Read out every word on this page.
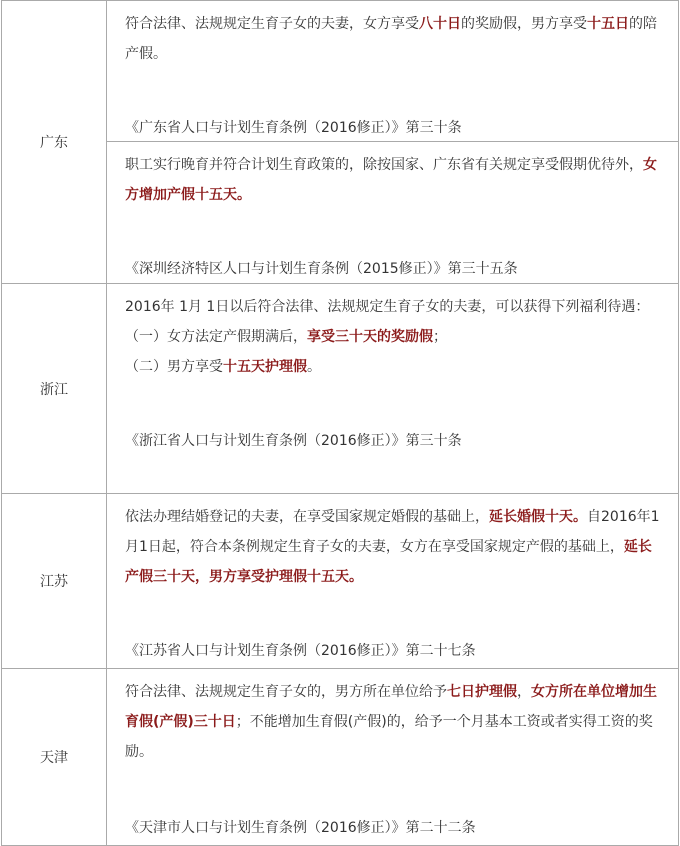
广东	符合法律、法规规定生育子女的夫妻，女方享受八十日的奖励假，男方享受十五日的陪产假。

《广东省人口与计划生育条例（2016修正）》第三十条

	职工实行晚育并符合计划生育政策的，除按国家、广东省有关规定享受假期优待外，女方增加产假十五天。

《深圳经济特区人口与计划生育条例（2015修正）》第三十五条

浙江	2016年 1月 1日以后符合法律、法规规定生育子女的夫妻，可以获得下列福利待遇：

（一）女方法定产假期满后，享受三十天的奖励假；

（二）男方享受十五天护理假。

《浙江省人口与计划生育条例（2016修正）》第三十条

江苏	依法办理结婚登记的夫妻，在享受国家规定婚假的基础上，延长婚假十天。自2016年1月1日起，符合本条例规定生育子女的夫妻，女方在享受国家规定产假的基础上，延长产假三十天，男方享受护理假十五天。

《江苏省人口与计划生育条例（2016修正）》第二十七条

天津	符合法律、法规规定生育子女的，男方所在单位给予七日护理假，女方所在单位增加生育假(产假)三十日；不能增加生育假(产假)的，给予一个月基本工资或者实得工资的奖励。

《天津市人口与计划生育条例（2016修正）》第二十二条
